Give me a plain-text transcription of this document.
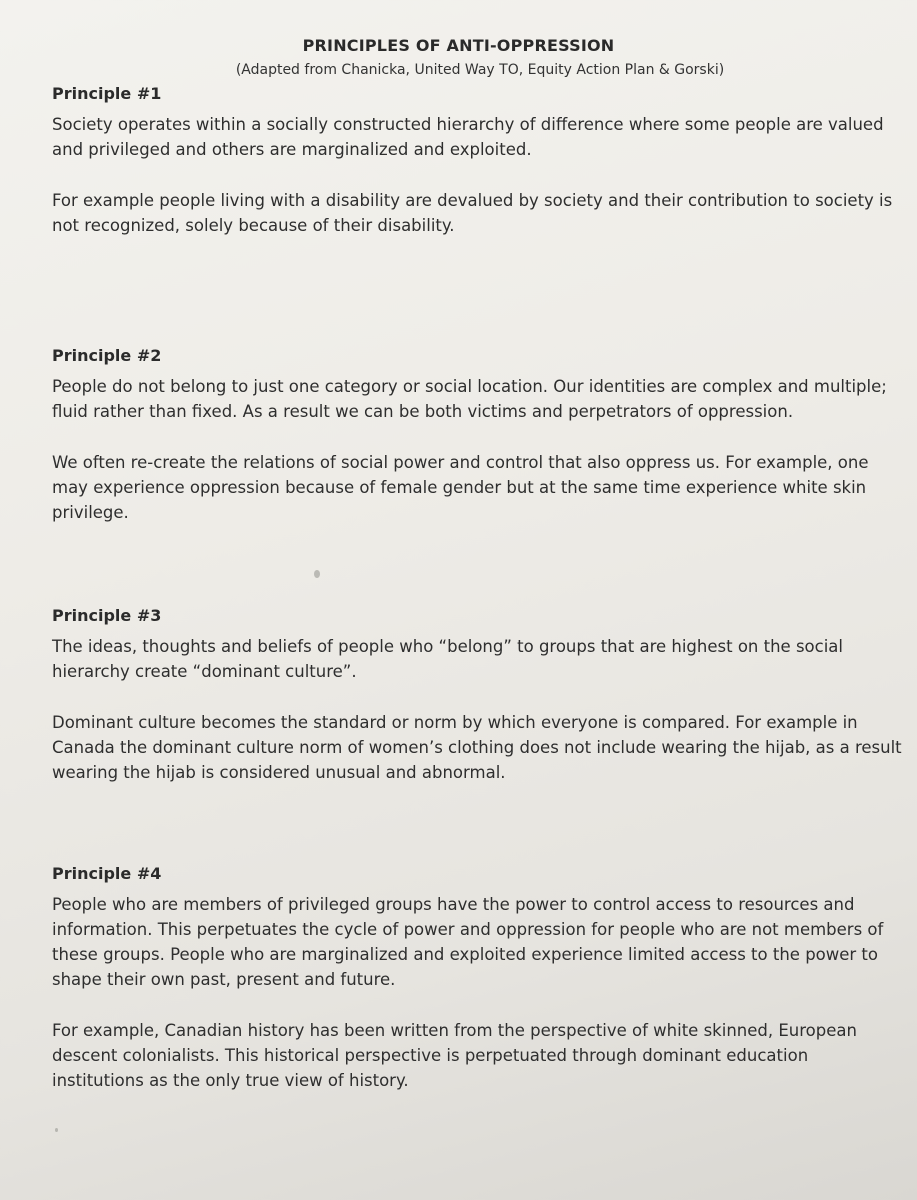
PRINCIPLES OF ANTI-OPPRESSION
(Adapted from Chanicka, United Way TO, Equity Action Plan & Gorski)
Principle #1

Society operates within a socially constructed hierarchy of difference where some people are valued and privileged and others are marginalized and exploited.

For example people living with a disability are devalued by society and their contribution to society is not recognized, solely because of their disability.

Principle #2

People do not belong to just one category or social location. Our identities are complex and multiple; fluid rather than fixed. As a result we can be both victims and perpetrators of oppression.

We often re-create the relations of social power and control that also oppress us. For example, one may experience oppression because of female gender but at the same time experience white skin privilege.

Principle #3

The ideas, thoughts and beliefs of people who “belong” to groups that are highest on the social hierarchy create “dominant culture”.

Dominant culture becomes the standard or norm by which everyone is compared. For example in Canada the dominant culture norm of women’s clothing does not include wearing the hijab, as a result wearing the hijab is considered unusual and abnormal.

Principle #4

People who are members of privileged groups have the power to control access to resources and information. This perpetuates the cycle of power and oppression for people who are not members of these groups. People who are marginalized and exploited experience limited access to the power to shape their own past, present and future.

For example, Canadian history has been written from the perspective of white skinned, European descent colonialists. This historical perspective is perpetuated through dominant education institutions as the only true view of history.
